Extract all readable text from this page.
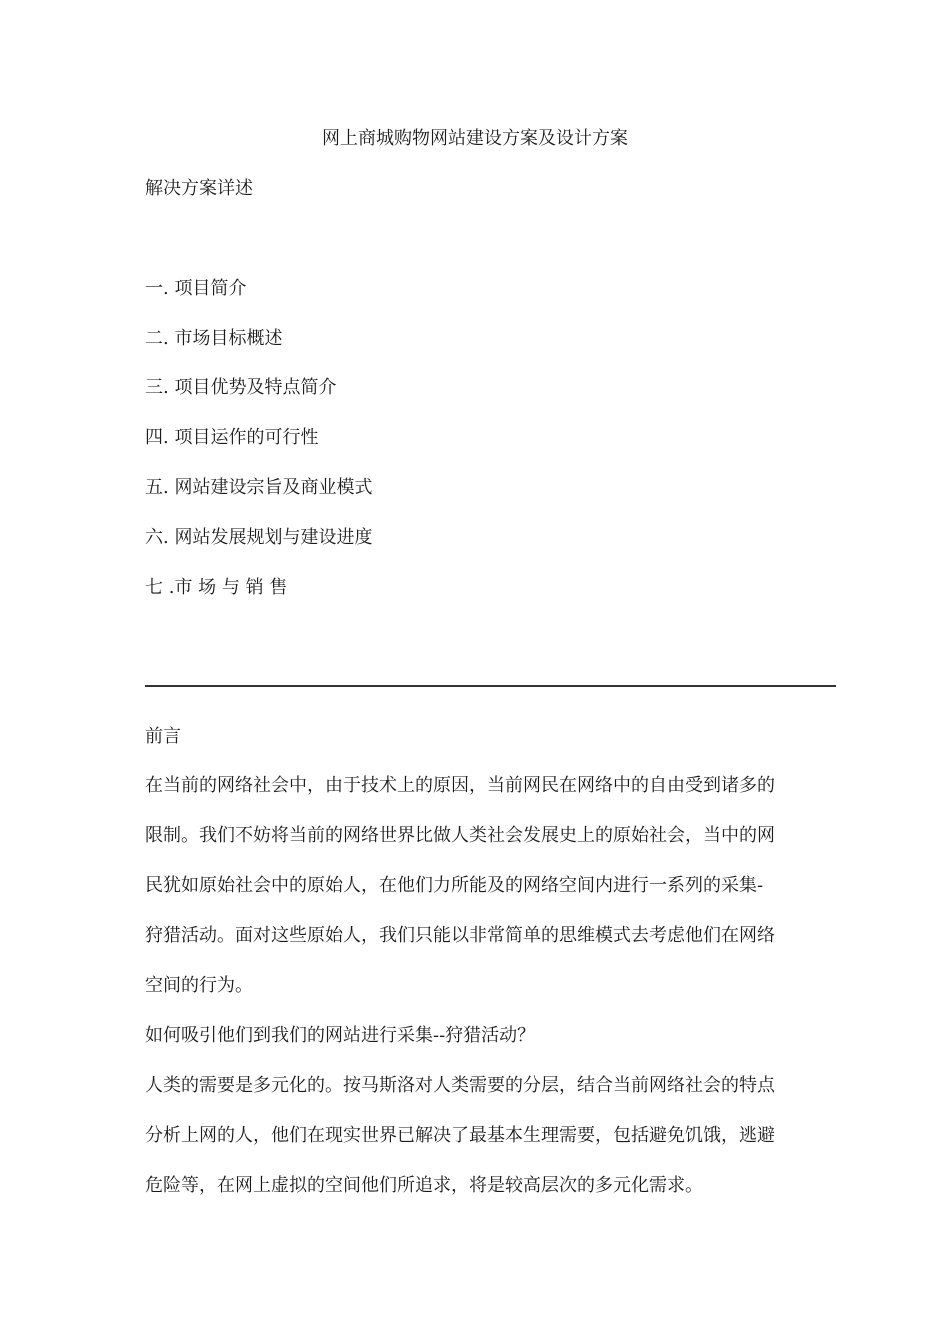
网上商城购物网站建设方案及设计方案
解决方案详述
一. 项目简介
二. 市场目标概述
三. 项目优势及特点简介
四. 项目运作的可行性
五. 网站建设宗旨及商业模式
六. 网站发展规划与建设进度
七 .市 场 与 销 售
前言
在当前的网络社会中，由于技术上的原因，当前网民在网络中的自由受到诸多的
限制。我们不妨将当前的网络世界比做人类社会发展史上的原始社会，当中的网
民犹如原始社会中的原始人，在他们力所能及的网络空间内进行一系列的采集-
狩猎活动。面对这些原始人，我们只能以非常简单的思维模式去考虑他们在网络
空间的行为。
如何吸引他们到我们的网站进行采集--狩猎活动？
人类的需要是多元化的。按马斯洛对人类需要的分层，结合当前网络社会的特点
分析上网的人，他们在现实世界已解决了最基本生理需要，包括避免饥饿，逃避
危险等，在网上虚拟的空间他们所追求，将是较高层次的多元化需求。
